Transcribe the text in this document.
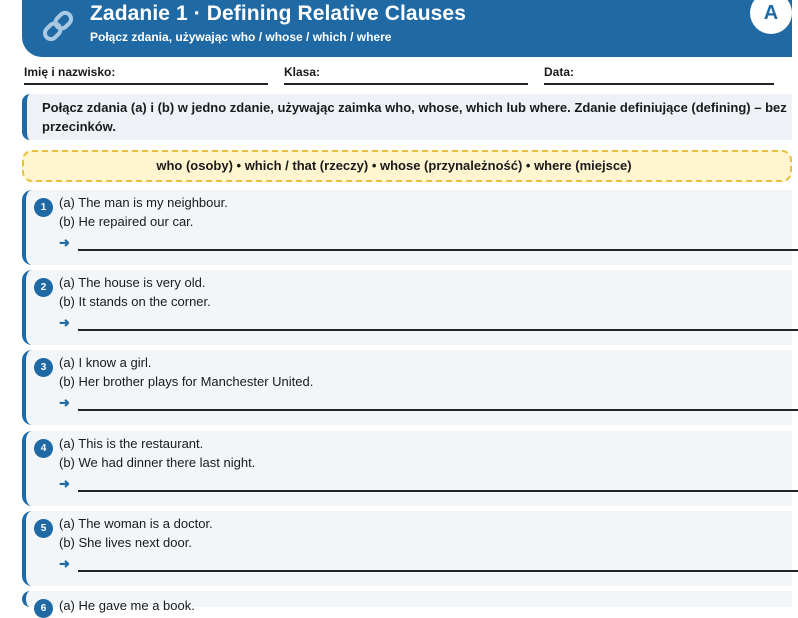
Zadanie 1 · Defining Relative Clauses
Połącz zdania, używając who / whose / which / where
A
Imię i nazwisko:	Klasa:	Data:
Połącz zdania (a) i (b) w jedno zdanie, używając zaimka who, whose, which lub where. Zdanie definiujące (defining) – bez przecinków.
who (osoby) • which / that (rzeczy) • whose (przynależność) • where (miejsce)
1 (a) The man is my neighbour.
(b) He repaired our car.
➜
2 (a) The house is very old.
(b) It stands on the corner.
➜
3 (a) I know a girl.
(b) Her brother plays for Manchester United.
➜
4 (a) This is the restaurant.
(b) We had dinner there last night.
➜
5 (a) The woman is a doctor.
(b) She lives next door.
➜
6 (a) He gave me a book.
